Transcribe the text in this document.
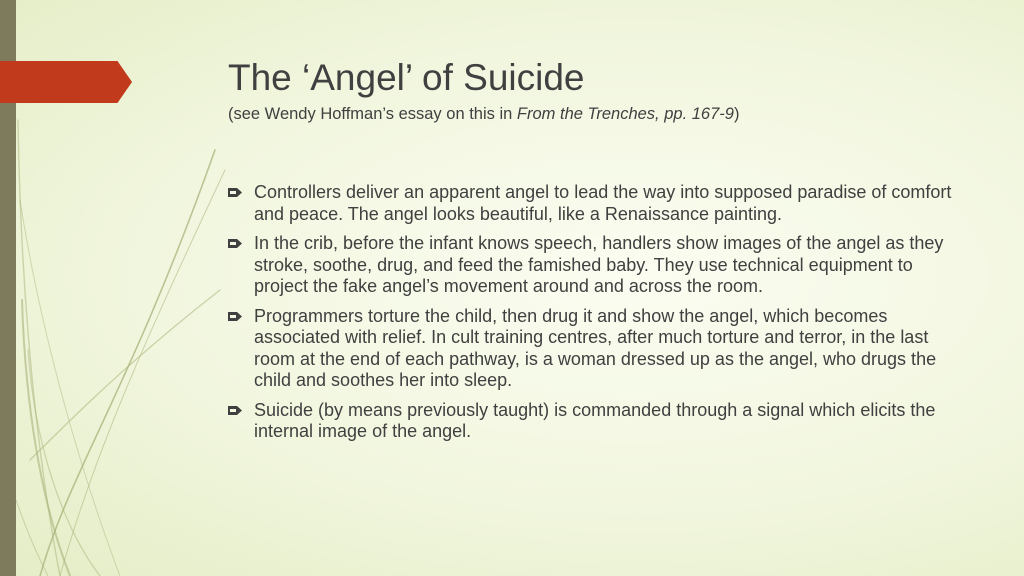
The ‘Angel’ of Suicide
(see Wendy Hoffman’s essay on this in From the Trenches, pp. 167-9)
Controllers deliver an apparent angel to lead the way into supposed paradise of comfort and peace. The angel looks beautiful, like a Renaissance painting.
In the crib, before the infant knows speech, handlers show images of the angel as they stroke, soothe, drug, and feed the famished baby. They use technical equipment to project the fake angel’s movement around and across the room.
Programmers torture the child, then drug it and show the angel, which becomes associated with relief. In cult training centres, after much torture and terror, in the last room at the end of each pathway, is a woman dressed up as the angel, who drugs the child and soothes her into sleep.
Suicide (by means previously taught) is commanded through a signal which elicits the internal image of the angel.
